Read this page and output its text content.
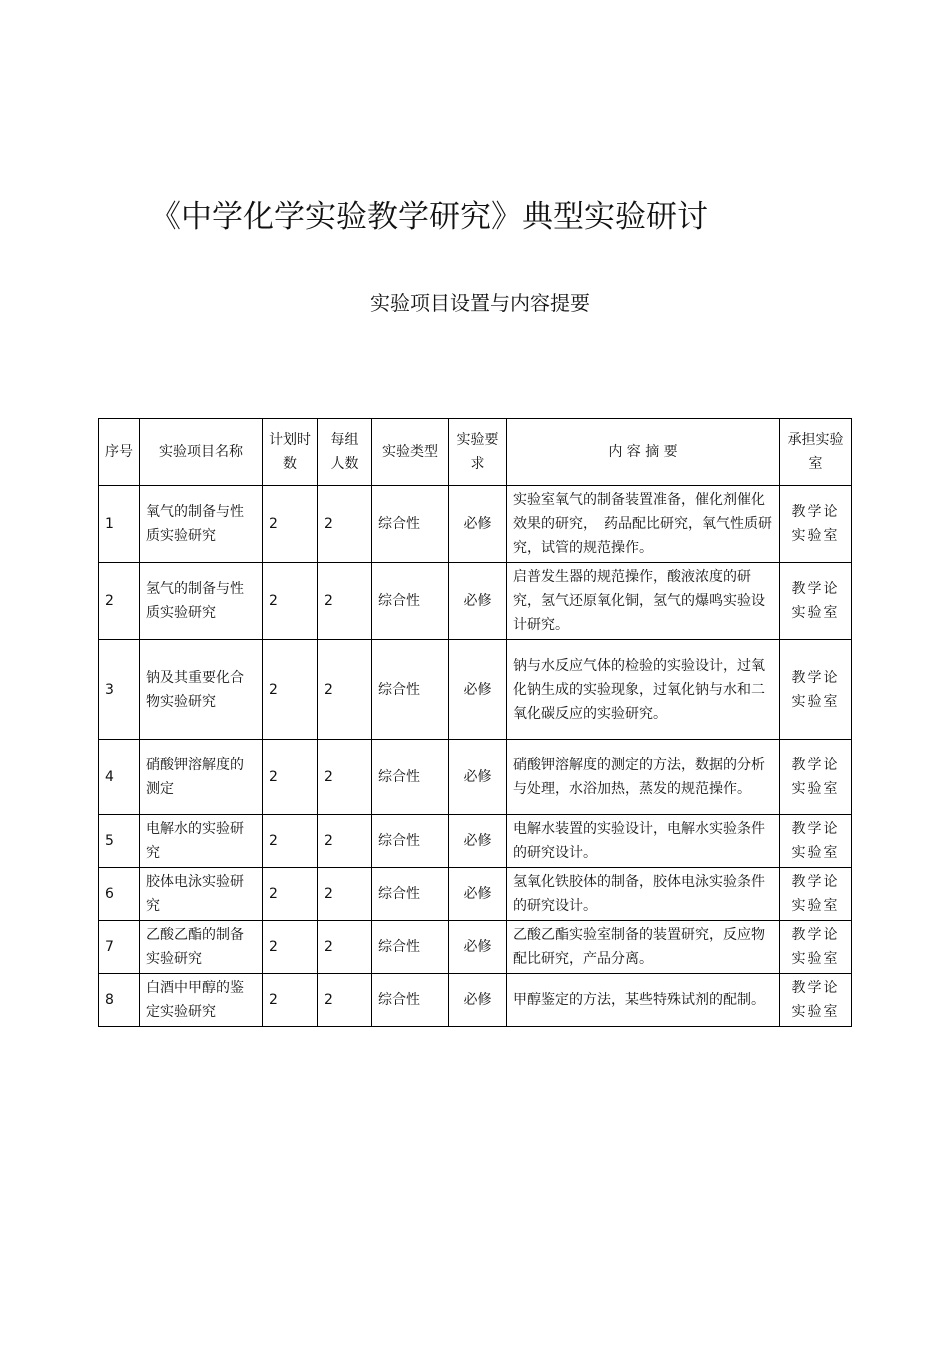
《中学化学实验教学研究》典型实验研讨
实验项目设置与内容提要
序号	实验项目名称	计划时数	每组人数	实验类型	实验要求	内 容 摘 要	承担实验室
1	氧气的制备与性质实验研究	2	2	综合性	必修	实验室氧气的制备装置准备，催化剂催化效果的研究，　药品配比研究，氧气性质研究，试管的规范操作。	教学论实验室
2	氢气的制备与性质实验研究	2	2	综合性	必修	启普发生器的规范操作，酸液浓度的研究，氢气还原氧化铜，氢气的爆鸣实验设计研究。	教学论实验室
3	钠及其重要化合物实验研究	2	2	综合性	必修	钠与水反应气体的检验的实验设计，过氧化钠生成的实验现象，过氧化钠与水和二氧化碳反应的实验研究。	教学论实验室
4	硝酸钾溶解度的测定	2	2	综合性	必修	硝酸钾溶解度的测定的方法，数据的分析与处理，水浴加热，蒸发的规范操作。	教学论实验室
5	电解水的实验研究	2	2	综合性	必修	电解水装置的实验设计，电解水实验条件的研究设计。	教学论实验室
6	胶体电泳实验研究	2	2	综合性	必修	氢氧化铁胶体的制备，胶体电泳实验条件的研究设计。	教学论实验室
7	乙酸乙酯的制备实验研究	2	2	综合性	必修	乙酸乙酯实验室制备的装置研究，反应物配比研究，产品分离。	教学论实验室
8	白酒中甲醇的鉴定实验研究	2	2	综合性	必修	甲醇鉴定的方法，某些特殊试剂的配制。	教学论实验室
